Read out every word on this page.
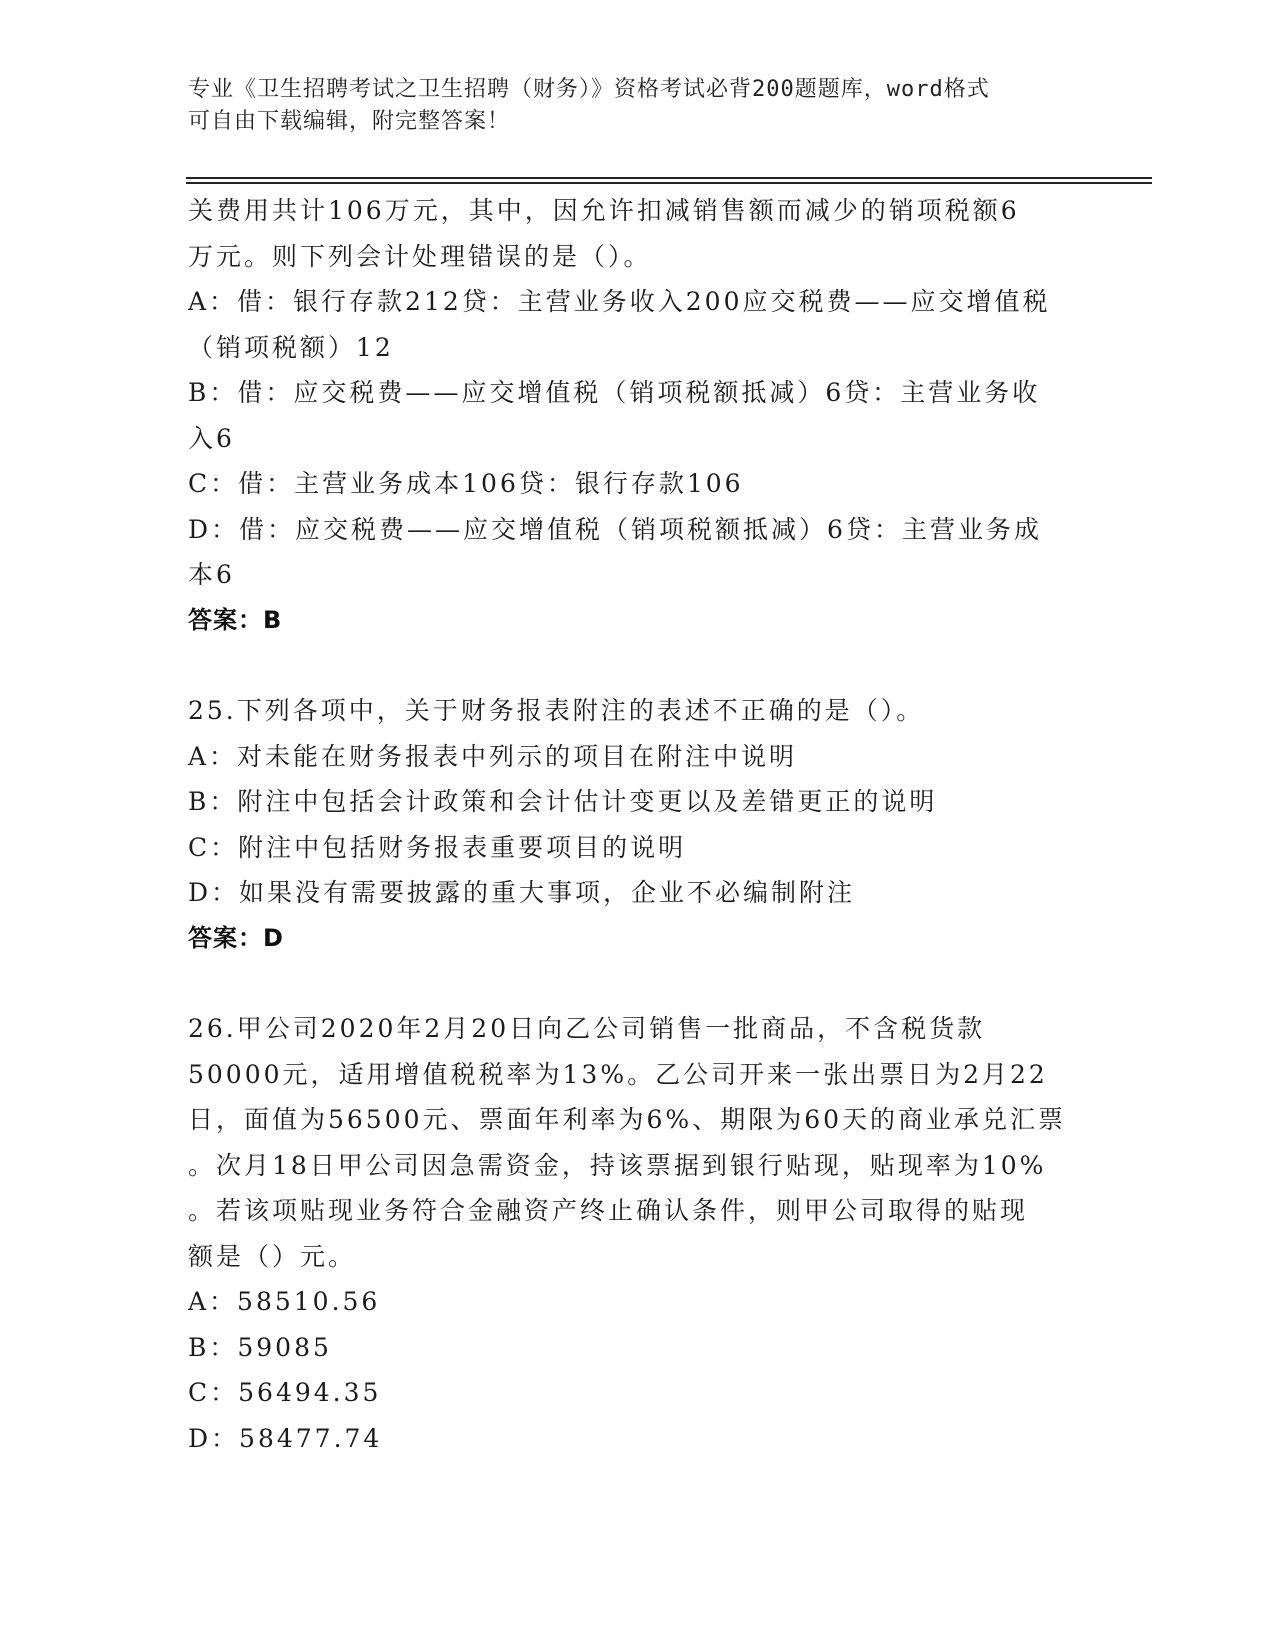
专业《卫生招聘考试之卫生招聘（财务）》资格考试必背200题题库，word格式
可自由下载编辑，附完整答案！
关费用共计106万元，其中，因允许扣减销售额而减少的销项税额6
万元。则下列会计处理错误的是（）。
A：借：银行存款212贷：主营业务收入200应交税费——应交增值税
（销项税额）12
B：借：应交税费——应交增值税（销项税额抵减）6贷：主营业务收
入6
C：借：主营业务成本106贷：银行存款106
D：借：应交税费——应交增值税（销项税额抵减）6贷：主营业务成
本6
答案：B
25.下列各项中，关于财务报表附注的表述不正确的是（）。
A：对未能在财务报表中列示的项目在附注中说明
B：附注中包括会计政策和会计估计变更以及差错更正的说明
C：附注中包括财务报表重要项目的说明
D：如果没有需要披露的重大事项，企业不必编制附注
答案：D
26.甲公司2020年2月20日向乙公司销售一批商品，不含税货款
50000元，适用增值税税率为13%。乙公司开来一张出票日为2月22
日，面值为56500元、票面年利率为6%、期限为60天的商业承兑汇票
。次月18日甲公司因急需资金，持该票据到银行贴现，贴现率为10%
。若该项贴现业务符合金融资产终止确认条件，则甲公司取得的贴现
额是（）元。
A：58510.56
B：59085
C：56494.35
D：58477.74
